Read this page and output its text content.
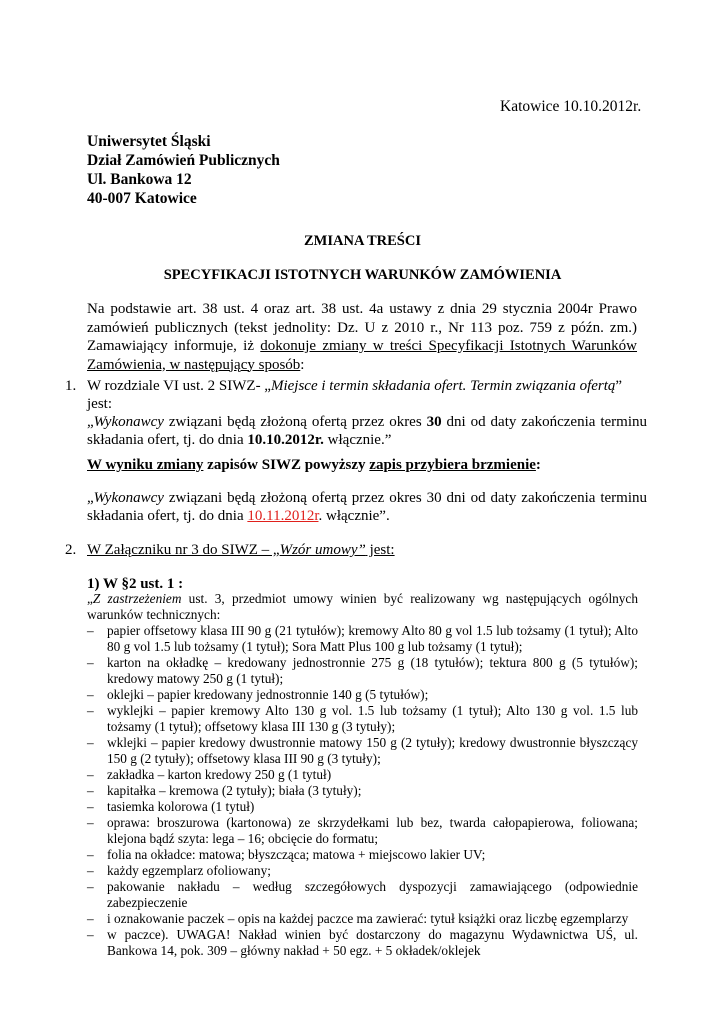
Katowice 10.10.2012r.
Uniwersytet Śląski
Dział Zamówień Publicznych
Ul. Bankowa 12
40-007 Katowice
ZMIANA TREŚCI
SPECYFIKACJI ISTOTNYCH WARUNKÓW ZAMÓWIENIA
Na podstawie art. 38 ust. 4 oraz art. 38 ust. 4a ustawy z dnia 29 stycznia 2004r Prawo
zamówień publicznych (tekst jednolity: Dz. U z 2010 r., Nr 113 poz. 759 z późn. zm.)
Zamawiający informuje, iż dokonuje zmiany w treści Specyfikacji Istotnych Warunków
Zamówienia, w następujący sposób:
1. W rozdziale VI ust. 2 SIWZ- „Miejsce i termin składania ofert. Termin związania ofertą”
jest:
„Wykonawcy związani będą złożoną ofertą przez okres 30 dni od daty zakończenia terminu
składania ofert, tj. do dnia 10.10.2012r. włącznie.”
W wyniku zmiany zapisów SIWZ powyższy zapis przybiera brzmienie:
„Wykonawcy związani będą złożoną ofertą przez okres 30 dni od daty zakończenia terminu
składania ofert, tj. do dnia 10.11.2012r. włącznie”.
2. W Załączniku nr 3 do SIWZ – „Wzór umowy” jest:
1) W §2 ust. 1 :
„Z zastrzeżeniem ust. 3, przedmiot umowy winien być realizowany wg następujących ogólnych
warunków technicznych:
– papier offsetowy klasa III 90 g (21 tytułów); kremowy Alto 80 g vol 1.5 lub tożsamy (1 tytuł); Alto 80 g vol 1.5 lub tożsamy (1 tytuł); Sora Matt Plus 100 g lub tożsamy (1 tytuł);
– karton na okładkę – kredowany jednostronnie 275 g (18 tytułów); tektura 800 g (5 tytułów); kredowy matowy 250 g (1 tytuł);
– oklejki – papier kredowany jednostronnie 140 g (5 tytułów);
– wyklejki – papier kremowy Alto 130 g vol. 1.5 lub tożsamy (1 tytuł); Alto 130 g vol. 1.5 lub tożsamy (1 tytuł); offsetowy klasa III 130 g (3 tytuły);
– wklejki – papier kredowy dwustronnie matowy 150 g (2 tytuły); kredowy dwustronnie błyszczący 150 g (2 tytuły); offsetowy klasa III 90 g (3 tytuły);
– zakładka – karton kredowy 250 g (1 tytuł)
– kapitałka – kremowa (2 tytuły); biała (3 tytuły);
– tasiemka kolorowa (1 tytuł)
– oprawa: broszurowa (kartonowa) ze skrzydełkami lub bez, twarda całopapierowa, foliowana; klejona bądź szyta: lega – 16; obcięcie do formatu;
– folia na okładce: matowa; błyszcząca; matowa + miejscowo lakier UV;
– każdy egzemplarz ofoliowany;
– pakowanie nakładu – według szczegółowych dyspozycji zamawiającego (odpowiednie zabezpieczenie
– i oznakowanie paczek – opis na każdej paczce ma zawierać: tytuł książki oraz liczbę egzemplarzy
– w paczce). UWAGA! Nakład winien być dostarczony do magazynu Wydawnictwa UŚ, ul. Bankowa 14, pok. 309 – główny nakład + 50 egz. + 5 okładek/oklejek
